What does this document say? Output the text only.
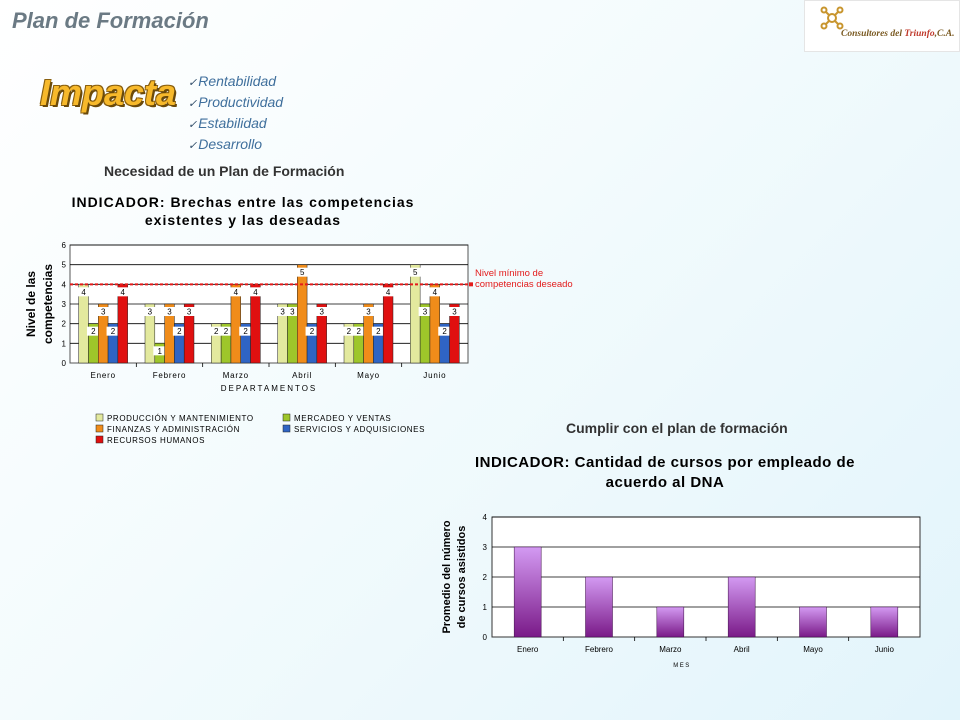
Plan de Formación
Consultores del Triunfo,C.A.
Impacta ✓Rentabilidad
✓Productividad
✓Estabilidad
✓Desarrollo
Necesidad de un Plan de Formación
Cumplir con el plan de formación
0
1
2
3
4
5
6
INDICADOR: Brechas entre las competencias
existentes y las deseadas
Nivel de las competencias	4
2
3
2
4
Enero
3
1
3
2
3
Febrero
2 2
4
2
4
Marzo
3 3
5
2
3
Abril
2 2
3
2
4
Mayo
5
3
4
2
3
Junio
DEPARTAMENTOS
Nivel mínimo de
competencias deseado
PRODUCCIÓN Y MANTENIMIENTO	MERCADEO Y VENTAS
FINANZAS Y ADMINISTRACIÓN	SERVICIOS Y ADQUISICIONES
RECURSOS HUMANOS
0
1
2
3
4
INDICADOR: Cantidad de cursos por empleado de
acuerdo al DNA
Promedio del número de cursos asistidos
Enero	Febrero	Marzo	Abril	Mayo	Junio
MES
